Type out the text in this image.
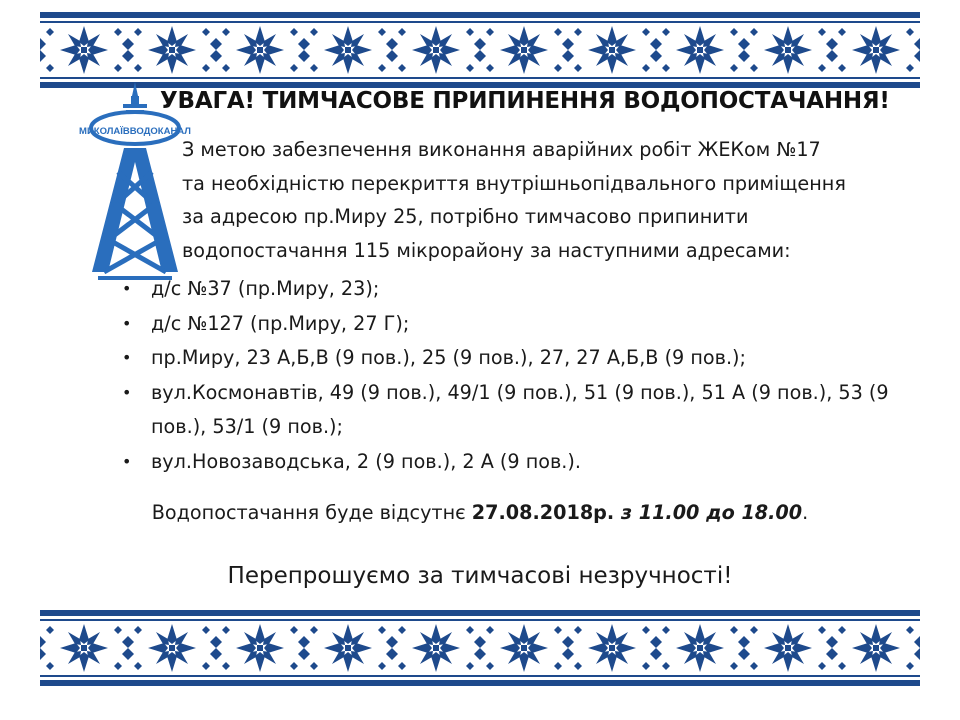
МИКОЛАЇВВОДОКАНАЛ
УВАГА! ТИМЧАСОВЕ ПРИПИНЕННЯ ВОДОПОСТАЧАННЯ!
З метою забезпечення виконання аварійних робіт ЖЕКом №17
та необхідністю перекриття внутрішньопідвального приміщення
за адресою пр.Миру 25, потрібно тимчасово припинити
водопостачання 115 мікрорайону за наступними адресами:
• д/с №37 (пр.Миру, 23);
• д/с №127 (пр.Миру, 27 Г);
• пр.Миру, 23 А,Б,В (9 пов.), 25 (9 пов.), 27, 27 А,Б,В (9 пов.);
• вул.Космонавтів, 49 (9 пов.), 49/1 (9 пов.), 51 (9 пов.), 51 А (9 пов.), 53 (9 пов.), 53/1 (9 пов.);
• вул.Новозаводська, 2 (9 пов.), 2 А (9 пов.).
Водопостачання буде відсутнє 27.08.2018р. з 11.00 до 18.00.
Перепрошуємо за тимчасові незручності!
